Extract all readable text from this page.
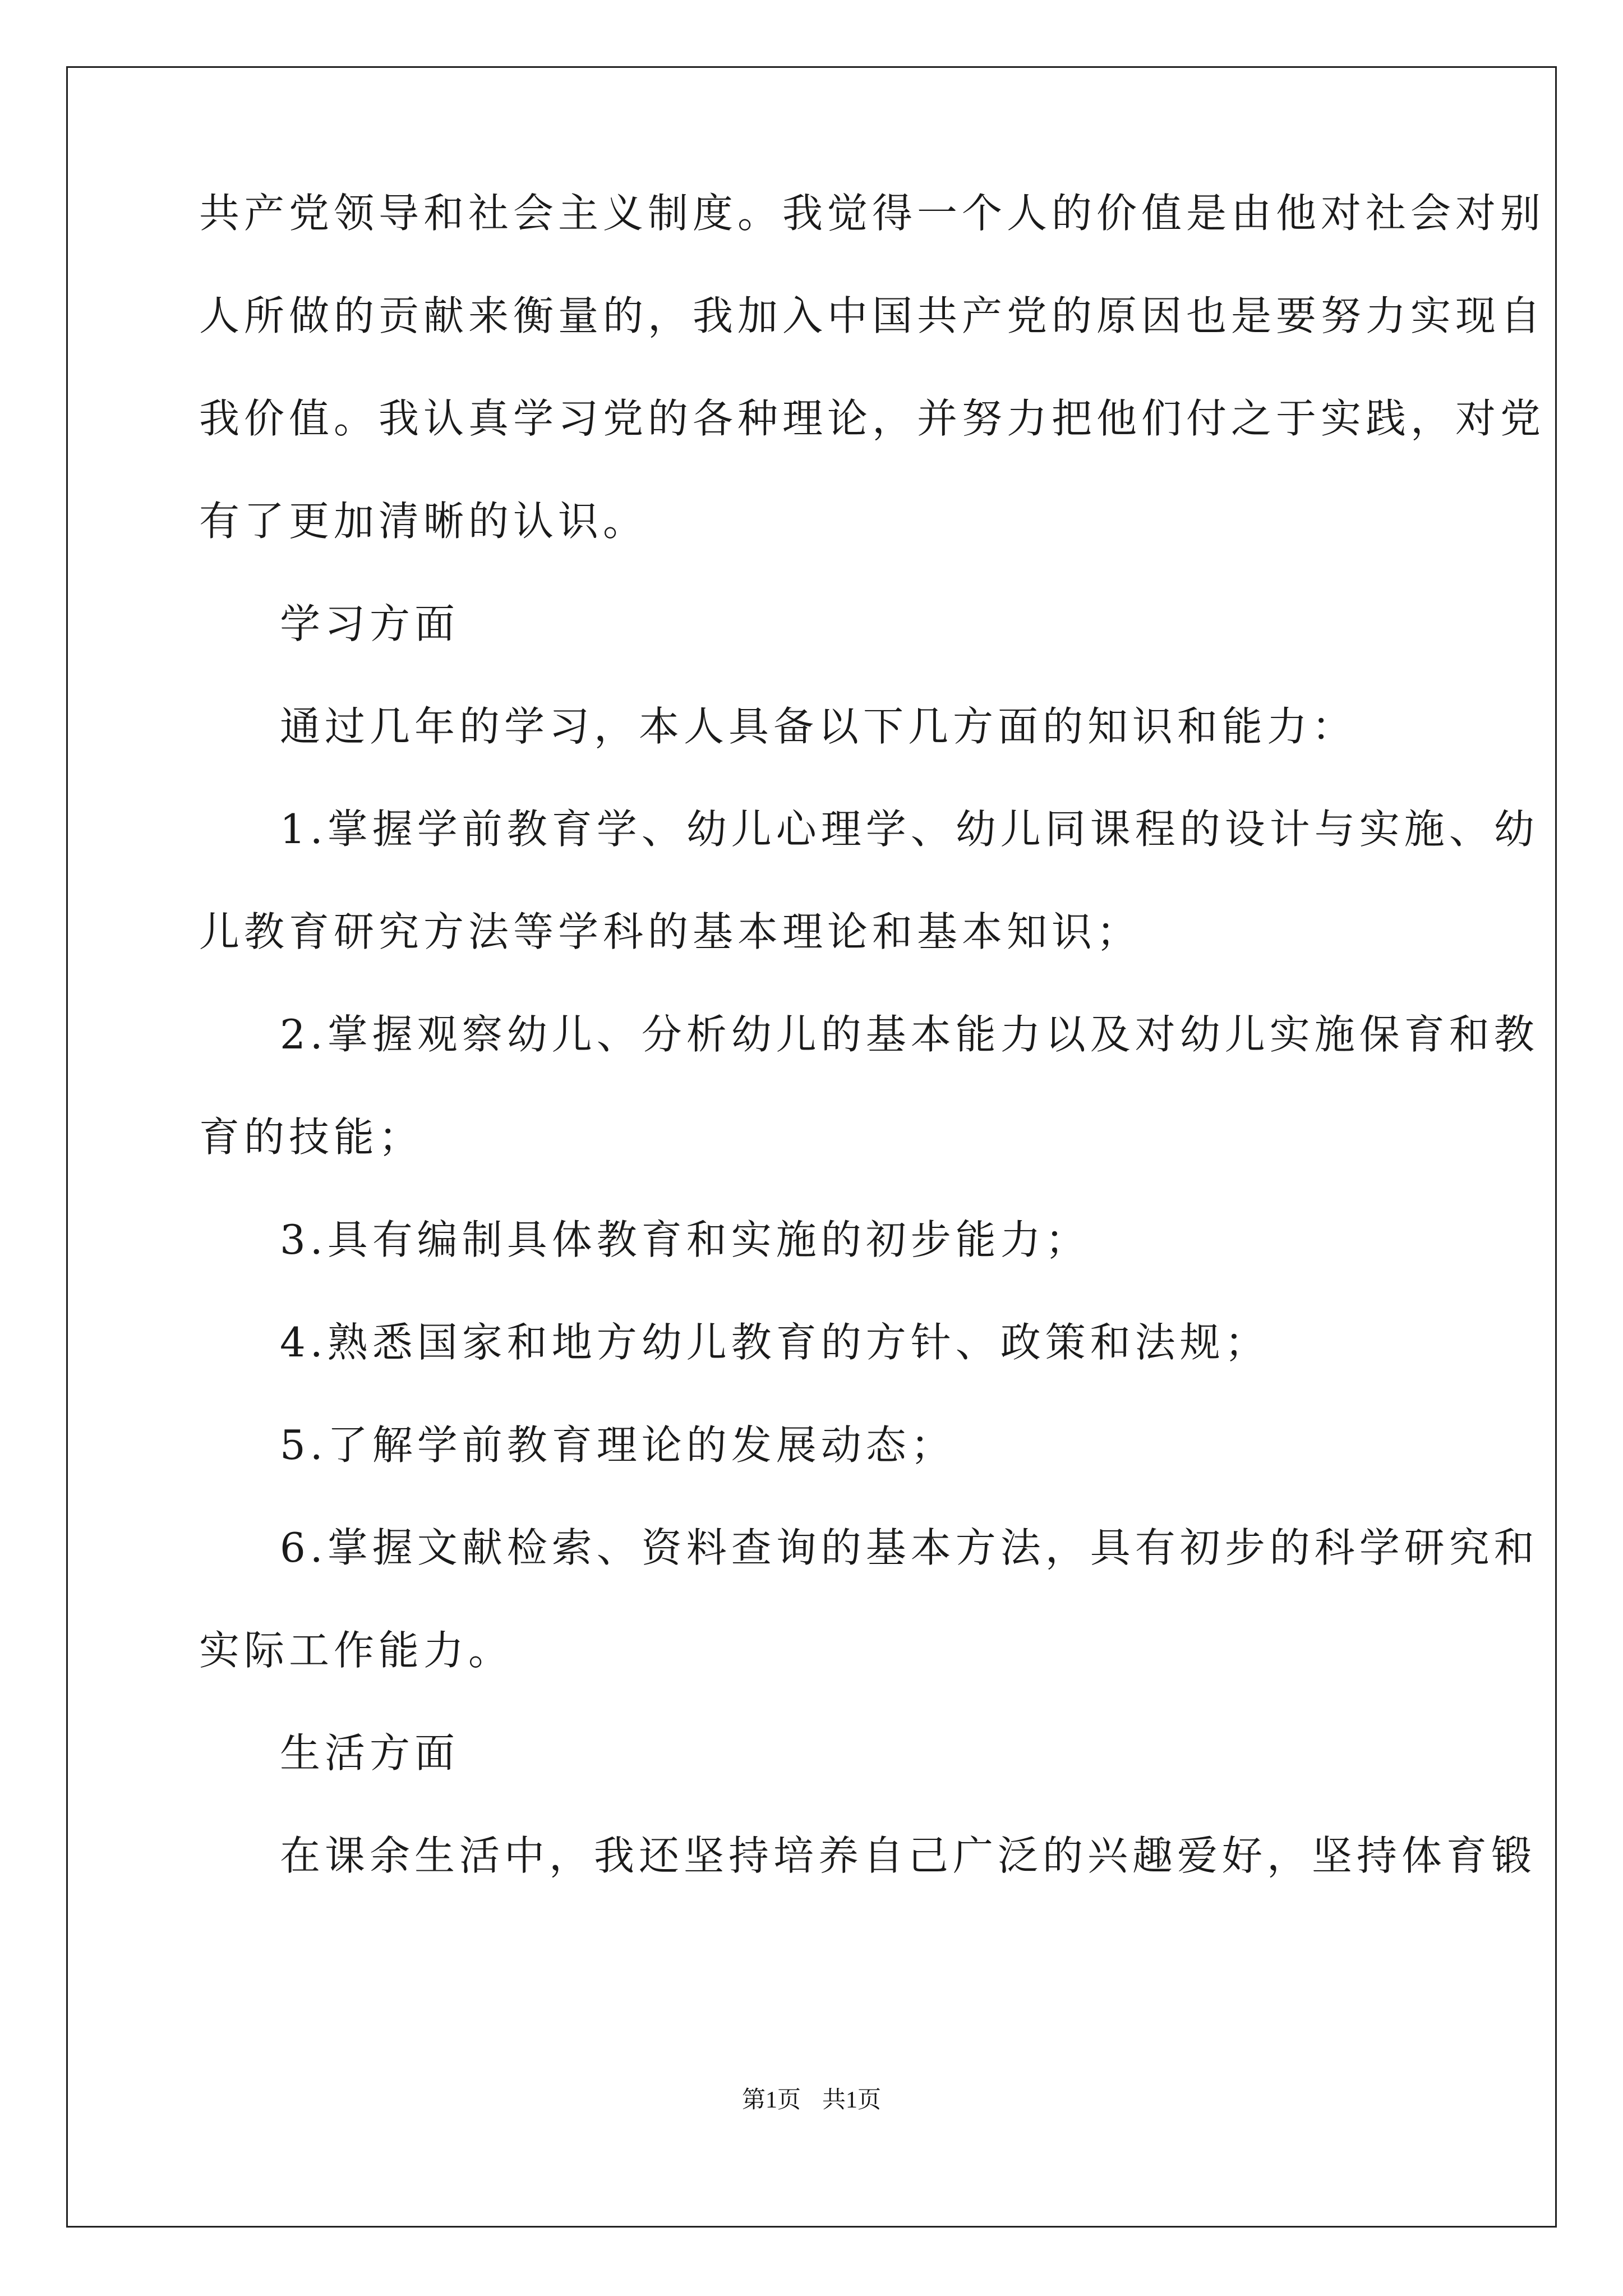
共产党领导和社会主义制度。我觉得一个人的价值是由他对社会对别
人所做的贡献来衡量的，我加入中国共产党的原因也是要努力实现自
我价值。我认真学习党的各种理论，并努力把他们付之于实践，对党
有了更加清晰的认识。
学习方面
通过几年的学习，本人具备以下几方面的知识和能力：
1.掌握学前教育学、幼儿心理学、幼儿同课程的设计与实施、幼
儿教育研究方法等学科的基本理论和基本知识；
2.掌握观察幼儿、分析幼儿的基本能力以及对幼儿实施保育和教
育的技能；
3.具有编制具体教育和实施的初步能力；
4.熟悉国家和地方幼儿教育的方针、政策和法规；
5.了解学前教育理论的发展动态；
6.掌握文献检索、资料查询的基本方法，具有初步的科学研究和
实际工作能力。
生活方面
在课余生活中，我还坚持培养自己广泛的兴趣爱好，坚持体育锻
第1页 共1页
